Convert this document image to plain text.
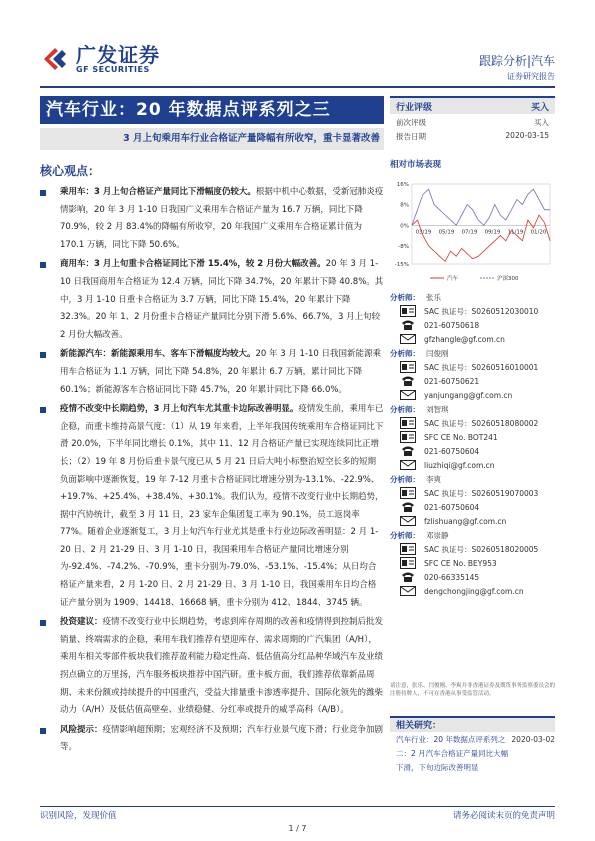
广发证券
GF SECURITIES
跟踪分析|汽车
证券研究报告
汽车行业：20 年数据点评系列之三
3 月上旬乘用车行业合格证产量降幅有所收窄，重卡显著改善
核心观点：
乘用车：3 月上旬合格证产量同比下滑幅度仍较大。根据中机中心数据，受新冠肺炎疫情影响，20 年 3 月 1-10 日我国广义乘用车合格证产量为 16.7 万辆，同比下降 70.9%，较 2 月 83.4%的降幅有所收窄，20 年我国广义乘用车合格证累计值为 170.1 万辆，同比下降 50.6%。
商用车：3 月上旬重卡合格证同比下滑 15.4%，较 2 月份大幅改善。20 年 3 月 1-10 日我国商用车合格证为 12.4 万辆，同比下降 34.7%，20 年累计下降 40.8%。其中，3 月 1-10 日重卡合格证为 3.7 万辆，同比下降 15.4%，20 年累计下降 32.3%。20 年 1、2 月份重卡合格证产量同比分别下滑 5.6%、66.7%，3 月上旬较 2 月份大幅改善。
新能源汽车：新能源乘用车、客车下滑幅度均较大。20 年 3 月 1-10 日我国新能源乘用车合格证为 1.1 万辆，同比下降 54.8%，20 年累计 6.7 万辆，累计同比下降 60.1%；新能源客车合格证同比下降 45.7%，20 年累计同比下降 66.0%。
疫情不改变中长期趋势，3 月上旬汽车尤其重卡边际改善明显。疫情发生前，乘用车已企稳，而重卡维持高景气度：（1）从 19 年来看，上半年我国传统乘用车合格证同比下滑 20.0%，下半年同比增长 0.1%，其中 11、12 月合格证产量已实现连续同比正增长；（2）19 年 8 月份后重卡景气度已从 5 月 21 日后大吨小标整治短空长多的短期负面影响中逐渐恢复，19 年 7-12 月重卡合格证同比增速分别为-13.1%、-22.9%、+19.7%、+25.4%、+38.4%、+30.1%。我们认为，疫情不改变行业中长期趋势，据中汽协统计，截至 3 月 11 日，23 家车企集团复工率为 90.1%，员工返岗率 77%。随着企业逐渐复工，3 月上旬汽车行业尤其是重卡行业边际改善明显：2 月 1-20 日、2 月 21-29 日、3 月 1-10 日，我国乘用车合格证产量同比增速分别为-92.4%、-74.2%、-70.9%，重卡分别为-79.0%、-53.1%、-15.4%；从日均合格证产量来看，2 月 1-20 日、2 月 21-29 日、3 月 1-10 日，我国乘用车日均合格证产量分别为 1909、14418、16668 辆，重卡分别为 412、1844、3745 辆。
投资建议：疫情不改变行业中长期趋势，考虑到库存周期的改善和疫情得到控制后批发销量、终端需求的企稳，乘用车我们推荐有望迎库存、需求周期的广汽集团（A/H），乘用车相关零部件板块我们推荐盈利能力稳定性高、低估值高分红品种华域汽车及业绩拐点确立的万里扬，汽车服务板块推荐中国汽研。重卡板方面，我们推荐依靠新品周期、未来份额或持续提升的中国重汽，受益大排量重卡渗透率提升、国际化领先的潍柴动力（A/H）及低估值高壁垒、业绩稳健、分红率或提升的威孚高科（A/B）。
风险提示：疫情影响超预期；宏观经济不及预期；汽车行业景气度下滑；行业竞争加剧等。
行业评级	买入
前次评级	买入
报告日期	2020-03-15
相对市场表现
16%
8%
0%
-8%
-15%
03/19 05/19 07/19 09/19 11/19 01/20
汽车	沪深300
分析师： 张乐
SAC 执证号：S0260512030010
021-60750618
gfzhangle@gf.com.cn
分析师： 闫俊刚
SAC 执证号：S0260516010001
021-60750621
yanjungang@gf.com.cn
分析师： 刘智琪
SAC 执证号：S0260518080002
SFC CE No. BOT241
021-60750604
liuzhiqi@gf.com.cn
分析师： 李爽
SAC 执证号：S0260519070003
021-60750604
fzlishuang@gf.com.cn
分析师： 邓崇静
SAC 执证号：S0260518020005
SFC CE No. BEY953
020-66335145
dengchongjing@gf.com.cn
请注意，张乐、闫俊刚、李爽并非香港证券及期货事务监察委员会的注册持牌人，不可在香港从事受监管活动。
相关研究：
汽车行业：20 年数据点评系列之二：2 月汽车合格证产量同比大幅下滑，下旬边际改善明显
2020-03-02
识别风险，发现价值	请务必阅读末页的免责声明
1 / 7
